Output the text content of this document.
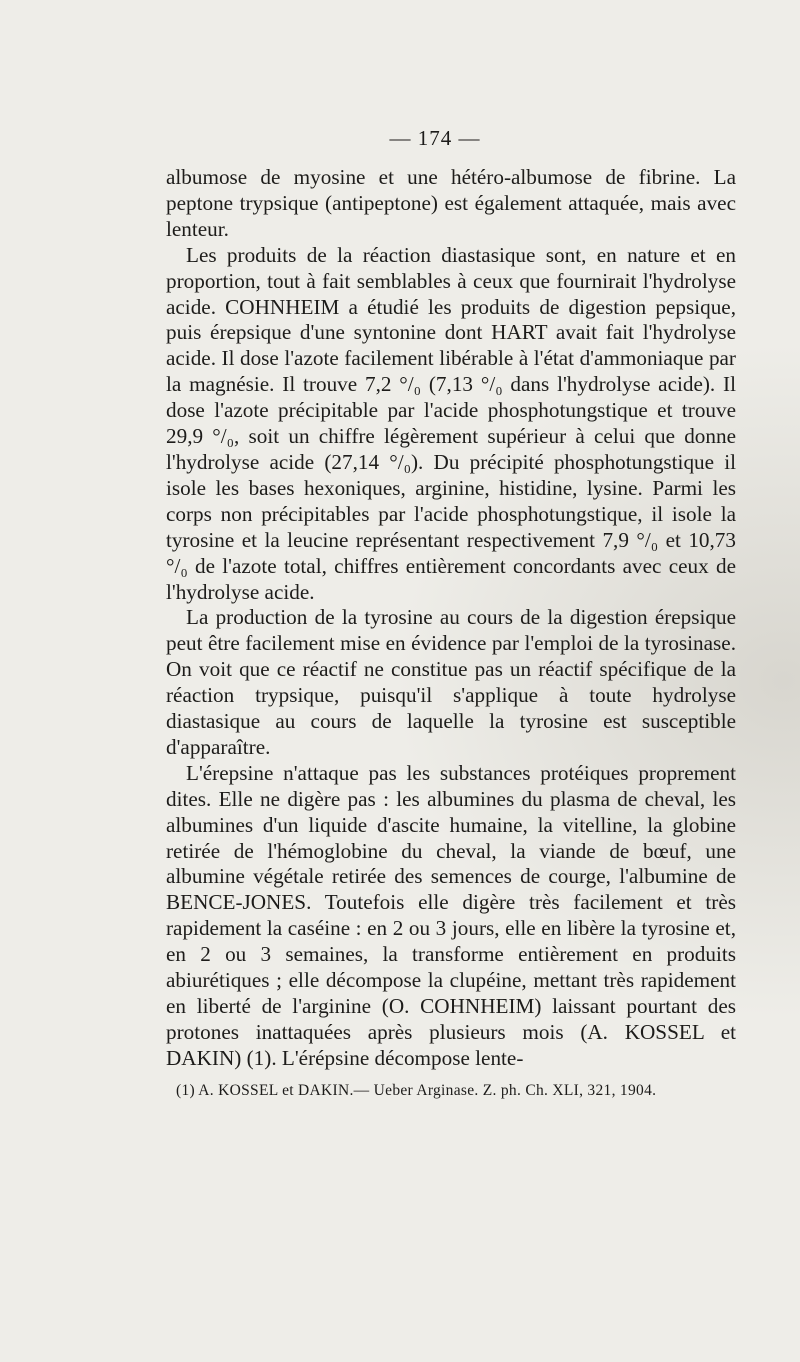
— 174 —

albumose de myosine et une hétéro-albumose de fibrine. La peptone trypsique (antipeptone) est également attaquée, mais avec lenteur.

Les produits de la réaction diastasique sont, en nature et en proportion, tout à fait semblables à ceux que fournirait l'hydrolyse acide. COHNHEIM a étudié les produits de digestion pepsique, puis érepsique d'une syntonine dont HART avait fait l'hydrolyse acide. Il dose l'azote facilement libérable à l'état d'ammoniaque par la magnésie. Il trouve 7,2 °/₀ (7,13 °/₀ dans l'hydrolyse acide). Il dose l'azote précipitable par l'acide phosphotungstique et trouve 29,9 °/₀, soit un chiffre légèrement supérieur à celui que donne l'hydrolyse acide (27,14 °/₀). Du précipité phosphotungstique il isole les bases hexoniques, arginine, histidine, lysine. Parmi les corps non précipitables par l'acide phosphotungstique, il isole la tyrosine et la leucine représentant respectivement 7,9 °/₀ et 10,73 °/₀ de l'azote total, chiffres entièrement concordants avec ceux de l'hydrolyse acide.

La production de la tyrosine au cours de la digestion érepsique peut être facilement mise en évidence par l'emploi de la tyrosinase. On voit que ce réactif ne constitue pas un réactif spécifique de la réaction trypsique, puisqu'il s'applique à toute hydrolyse diastasique au cours de laquelle la tyrosine est susceptible d'apparaître.

L'érepsine n'attaque pas les substances protéiques proprement dites. Elle ne digère pas : les albumines du plasma de cheval, les albumines d'un liquide d'ascite humaine, la vitelline, la globine retirée de l'hémoglobine du cheval, la viande de bœuf, une albumine végétale retirée des semences de courge, l'albumine de BENCE-JONES. Toutefois elle digère très facilement et très rapidement la caséine : en 2 ou 3 jours, elle en libère la tyrosine et, en 2 ou 3 semaines, la transforme entièrement en produits abiurétiques ; elle décompose la clupéine, mettant très rapidement en liberté de l'arginine (O. COHNHEIM) laissant pourtant des protones inattaquées après plusieurs mois (A. KOSSEL et DAKIN) (1). L'érépsine décompose lente-

(1) A. KOSSEL et DAKIN.— Ueber Arginase. Z. ph. Ch. XLI, 321, 1904.
